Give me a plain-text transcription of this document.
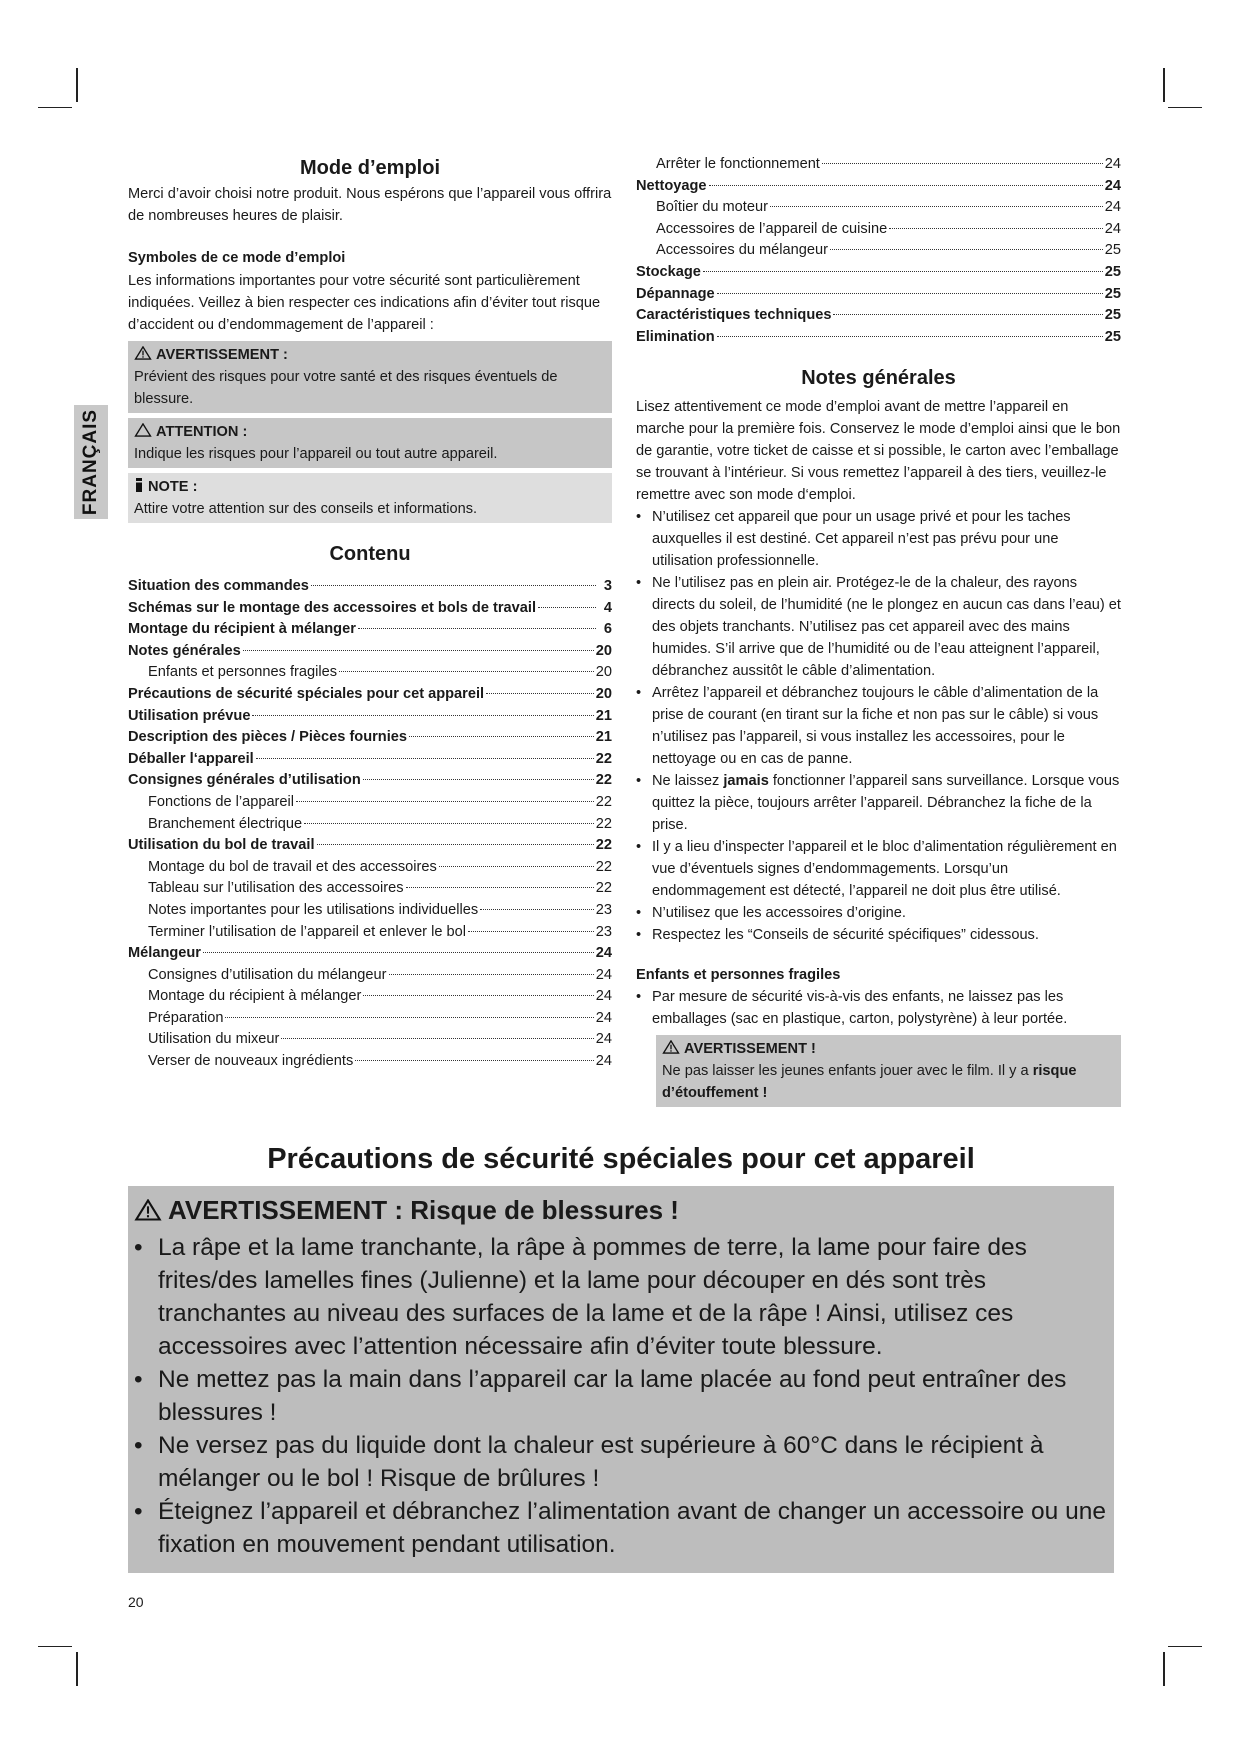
FRANÇAIS
Mode d’emploi

Merci d’avoir choisi notre produit. Nous espérons que l’appareil vous offrira de nombreuses heures de plaisir.

Symboles de ce mode d’emploi

Les informations importantes pour votre sécurité sont particulièrement indiquées. Veillez à bien respecter ces indications afin d’éviter tout risque d’accident ou d’endommagement de l’appareil :

AVERTISSEMENT :
Prévient des risques pour votre santé et des risques éventuels de blessure.
ATTENTION :
Indique les risques pour l’appareil ou tout autre appareil.
NOTE :
Attire votre attention sur des conseils et informations.
Contenu
Situation des commandes	3
Schémas sur le montage des accessoires et bols de travail	4
Montage du récipient à mélanger	6
Notes générales	20
Enfants et personnes fragiles	20
Précautions de sécurité spéciales pour cet appareil	20
Utilisation prévue	21
Description des pièces / Pièces fournies	21
Déballer l‘appareil	22
Consignes générales d’utilisation	22
Fonctions de l’appareil	22
Branchement électrique	22
Utilisation du bol de travail	22
Montage du bol de travail et des accessoires	22
Tableau sur l’utilisation des accessoires	22
Notes importantes pour les utilisations individuelles	23
Terminer l’utilisation de l’appareil et enlever le bol	23
Mélangeur	24
Consignes d’utilisation du mélangeur	24
Montage du récipient à mélanger	24
Préparation	24
Utilisation du mixeur	24
Verser de nouveaux ingrédients	24
Arrêter le fonctionnement	24
Nettoyage	24
Boîtier du moteur	24
Accessoires de l’appareil de cuisine	24
Accessoires du mélangeur	25
Stockage	25
Dépannage	25
Caractéristiques techniques	25
Elimination	25
Notes générales

Lisez attentivement ce mode d’emploi avant de mettre l’appareil en marche pour la première fois. Conservez le mode d’emploi ainsi que le bon de garantie, votre ticket de caisse et si possible, le carton avec l’emballage se trouvant à l’intérieur. Si vous remettez l’appareil à des tiers, veuillez-le remettre avec son mode d‘emploi.

• N’utilisez cet appareil que pour un usage privé et pour les taches auxquelles il est destiné. Cet appareil n’est pas prévu pour une utilisation professionnelle.
• Ne l’utilisez pas en plein air. Protégez-le de la chaleur, des rayons directs du soleil, de l’humidité (ne le plongez en aucun cas dans l’eau) et des objets tranchants. N’utilisez pas cet appareil avec des mains humides. S’il arrive que de l’humidité ou de l’eau atteignent l’appareil, débranchez aussitôt le câble d’alimentation.
• Arrêtez l’appareil et débranchez toujours le câble d’alimentation de la prise de courant (en tirant sur la fiche et non pas sur le câble) si vous n’utilisez pas l’appareil, si vous installez les accessoires, pour le nettoyage ou en cas de panne.
• Ne laissez jamais fonctionner l’appareil sans surveillance. Lorsque vous quittez la pièce, toujours arrêter l’appareil. Débranchez la fiche de la prise.
• Il y a lieu d’inspecter l’appareil et le bloc d’alimentation régulièrement en vue d’éventuels signes d’endommagements. Lorsqu’un endommagement est détecté, l’appareil ne doit plus être utilisé.
• N’utilisez que les accessoires d’origine.
• Respectez les “Conseils de sécurité spécifiques” cidessous.

Enfants et personnes fragiles

• Par mesure de sécurité vis-à-vis des enfants, ne laissez pas les emballages (sac en plastique, carton, polystyrène) à leur portée.
AVERTISSEMENT !
Ne pas laisser les jeunes enfants jouer avec le film. Il y a risque d’étouffement !
Précautions de sécurité spéciales pour cet appareil
AVERTISSEMENT : Risque de blessures !
• La râpe et la lame tranchante, la râpe à pommes de terre, la lame pour faire des frites/des lamelles fines (Julienne) et la lame pour découper en dés sont très tranchantes au niveau des surfaces de la lame et de la râpe ! Ainsi, utilisez ces accessoires avec l’attention nécessaire afin d’éviter toute blessure.
• Ne mettez pas la main dans l’appareil car la lame placée au fond peut entraîner des blessures !
• Ne versez pas du liquide dont la chaleur est supérieure à 60°C dans le récipient à mélanger ou le bol ! Risque de brûlures !
• Éteignez l’appareil et débranchez l’alimentation avant de changer un accessoire ou une fixation en mouvement pendant utilisation.
20
